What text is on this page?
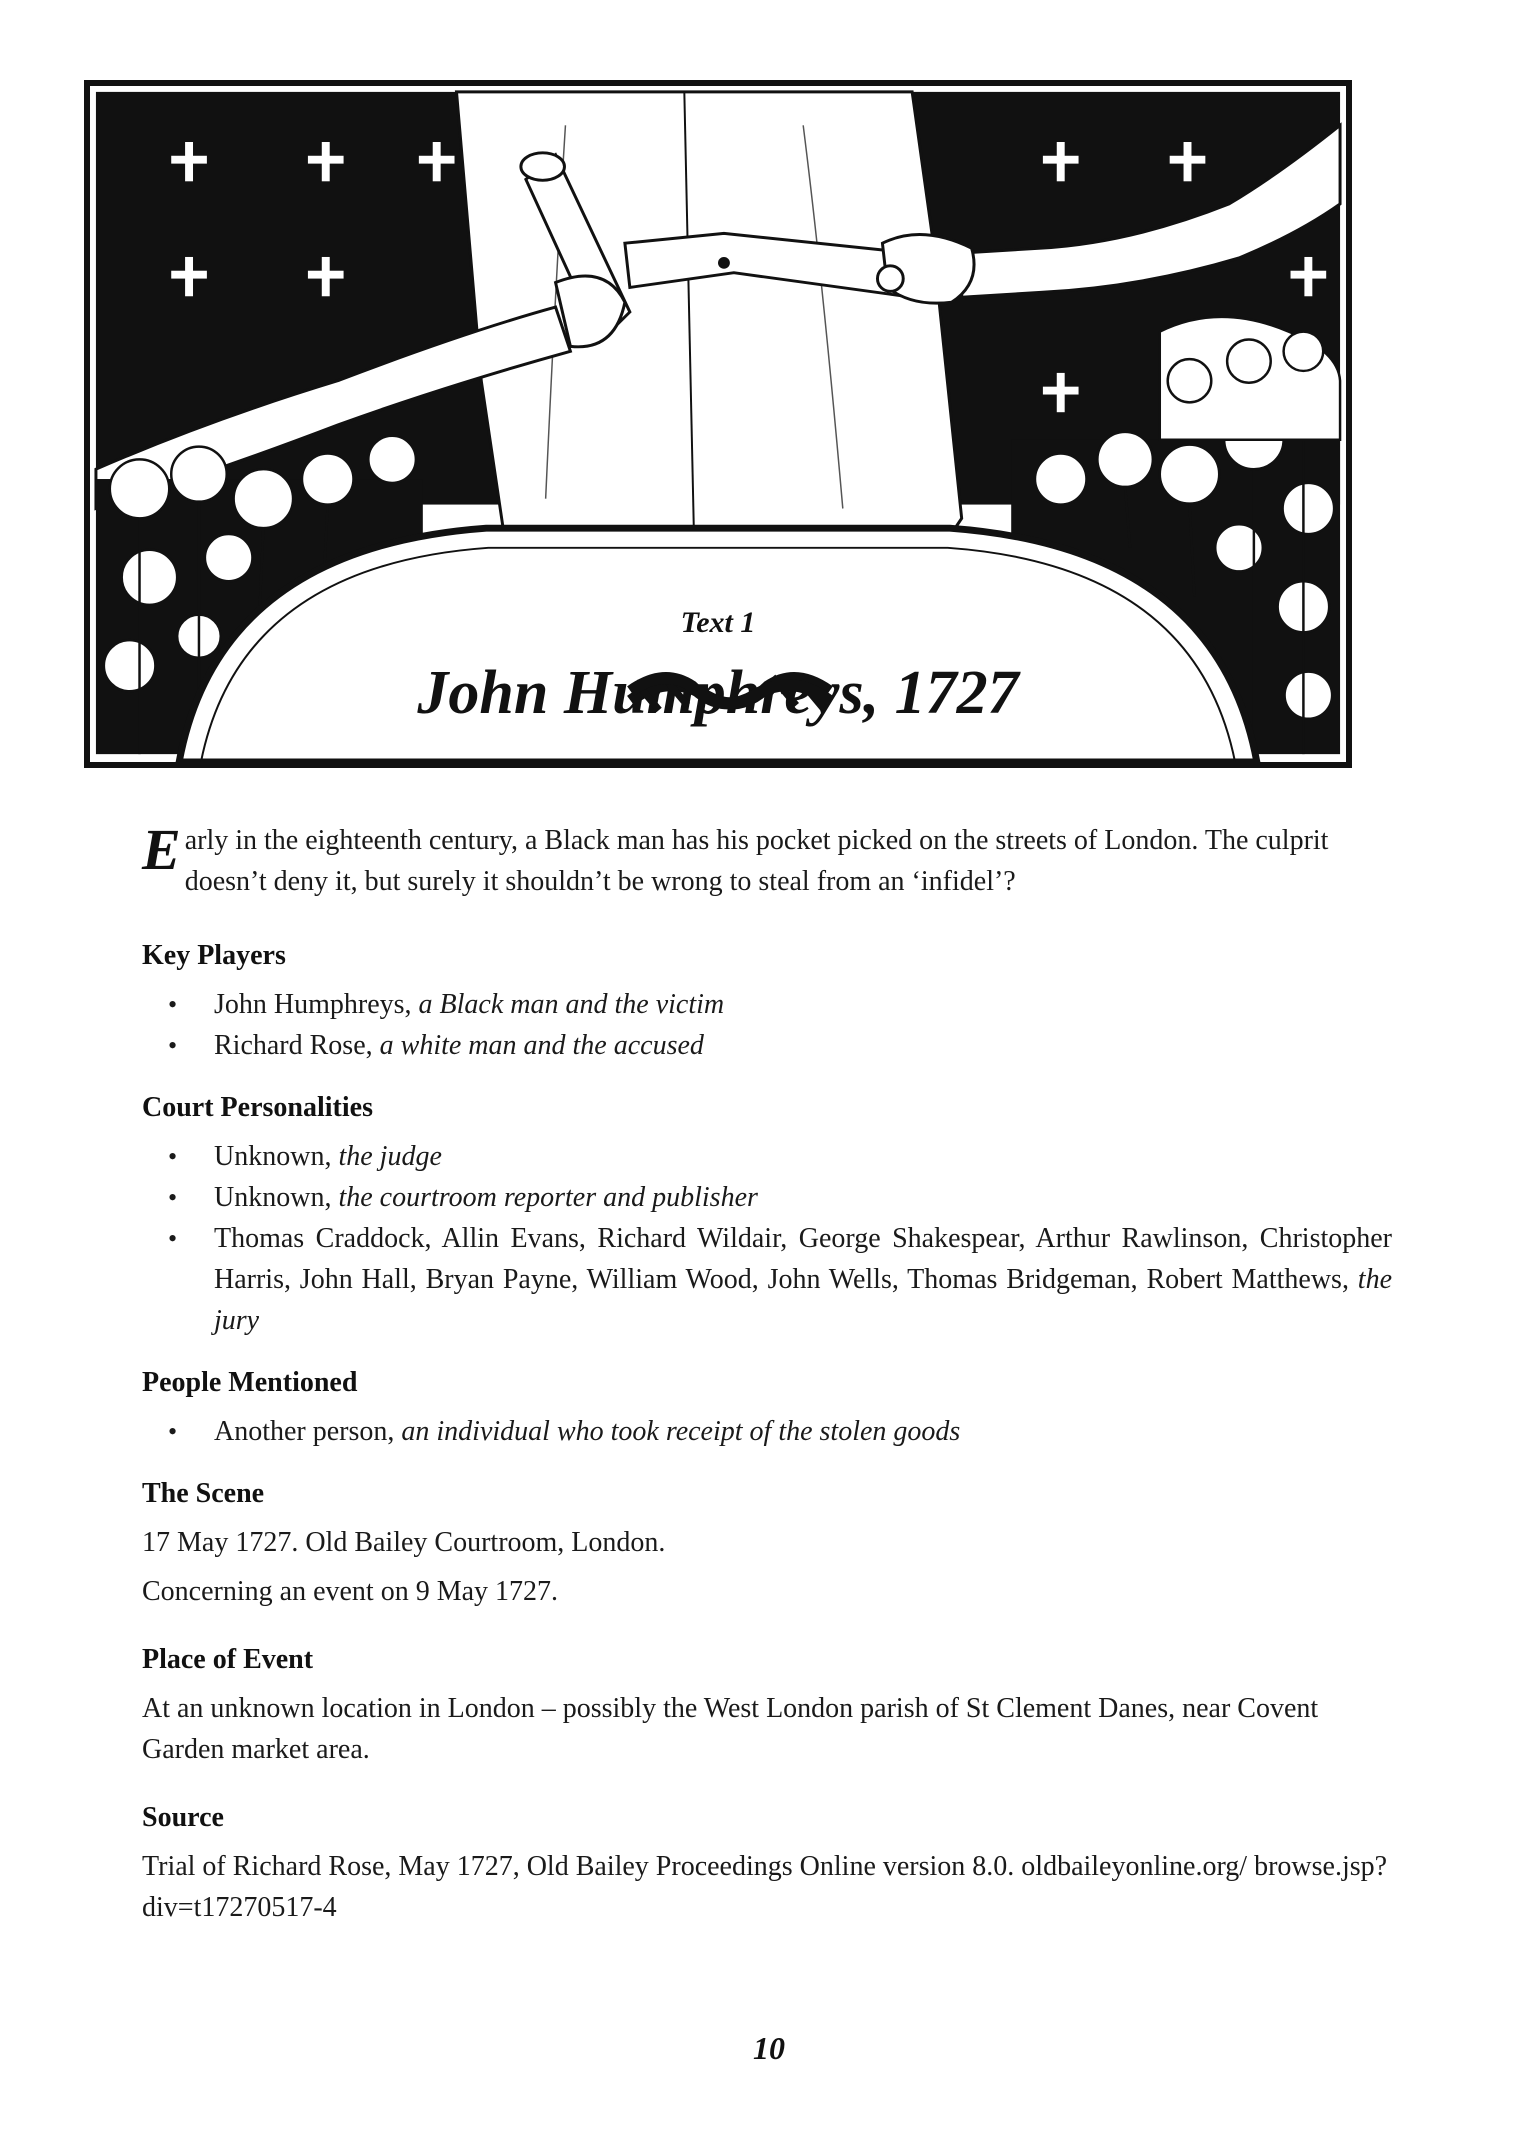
Text 1
John Humphreys, 1727

Early in the eighteenth century, a Black man has his pocket picked on the streets of London. The culprit doesn’t deny it, but surely it shouldn’t be wrong to steal from an ‘infidel’?

Key Players
• John Humphreys, a Black man and the victim
• Richard Rose, a white man and the accused
Court Personalities
• Unknown, the judge
• Unknown, the courtroom reporter and publisher
• Thomas Craddock, Allin Evans, Richard Wildair, George Shakespear, Arthur Rawlinson, Christopher Harris, John Hall, Bryan Payne, William Wood, John Wells, Thomas Bridgeman, Robert Matthews, the jury
People Mentioned
• Another person, an individual who took receipt of the stolen goods
The Scene

17 May 1727. Old Bailey Courtroom, London.

Concerning an event on 9 May 1727.

Place of Event

At an unknown location in London – possibly the West London parish of St Clement Danes, near Covent Garden market area.

Source

Trial of Richard Rose, May 1727, Old Bailey Proceedings Online version 8.0. oldbaileyonline.org/ browse.jsp?div=t17270517-4

10
